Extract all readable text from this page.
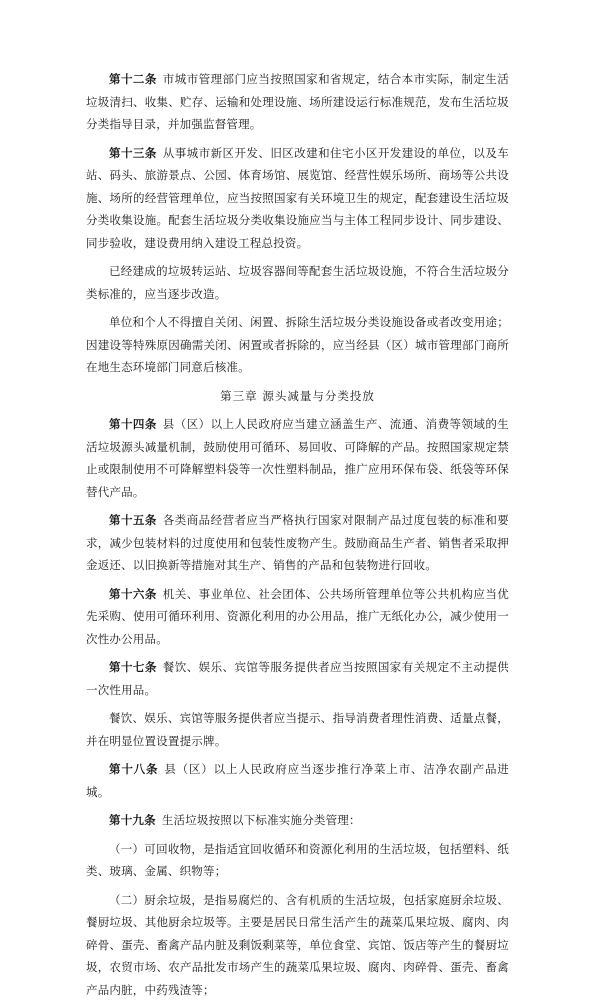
第十二条 市城市管理部门应当按照国家和省规定，结合本市实际，制定生活垃圾清扫、收集、贮存、运输和处理设施、场所建设运行标准规范，发布生活垃圾分类指导目录，并加强监督管理。

第十三条 从事城市新区开发、旧区改建和住宅小区开发建设的单位，以及车站、码头、旅游景点、公园、体育场馆、展览馆、经营性娱乐场所、商场等公共设施、场所的经营管理单位，应当按照国家有关环境卫生的规定，配套建设生活垃圾分类收集设施。配套生活垃圾分类收集设施应当与主体工程同步设计、同步建设、同步验收，建设费用纳入建设工程总投资。

已经建成的垃圾转运站、垃圾容器间等配套生活垃圾设施，不符合生活垃圾分类标准的，应当逐步改造。

单位和个人不得擅自关闭、闲置、拆除生活垃圾分类设施设备或者改变用途；因建设等特殊原因确需关闭、闲置或者拆除的，应当经县（区）城市管理部门商所在地生态环境部门同意后核准。

第三章 源头减量与分类投放

第十四条 县（区）以上人民政府应当建立涵盖生产、流通、消费等领域的生活垃圾源头减量机制，鼓励使用可循环、易回收、可降解的产品。按照国家规定禁止或限制使用不可降解塑料袋等一次性塑料制品，推广应用环保布袋、纸袋等环保替代产品。

第十五条 各类商品经营者应当严格执行国家对限制产品过度包装的标准和要求，减少包装材料的过度使用和包装性废物产生。鼓励商品生产者、销售者采取押金返还、以旧换新等措施对其生产、销售的产品和包装物进行回收。

第十六条 机关、事业单位、社会团体、公共场所管理单位等公共机构应当优先采购、使用可循环利用、资源化利用的办公用品，推广无纸化办公，减少使用一次性办公用品。

第十七条 餐饮、娱乐、宾馆等服务提供者应当按照国家有关规定不主动提供一次性用品。

餐饮、娱乐、宾馆等服务提供者应当提示、指导消费者理性消费、适量点餐，并在明显位置设置提示牌。

第十八条 县（区）以上人民政府应当逐步推行净菜上市、洁净农副产品进城。

第十九条 生活垃圾按照以下标准实施分类管理：

（一）可回收物，是指适宜回收循环和资源化利用的生活垃圾，包括塑料、纸类、玻璃、金属、织物等；

（二）厨余垃圾，是指易腐烂的、含有机质的生活垃圾，包括家庭厨余垃圾、餐厨垃圾、其他厨余垃圾等。主要是居民日常生活产生的蔬菜瓜果垃圾、腐肉、肉碎骨、蛋壳、畜禽产品内脏及剩饭剩菜等，单位食堂、宾馆、饭店等产生的餐厨垃圾，农贸市场、农产品批发市场产生的蔬菜瓜果垃圾、腐肉、肉碎骨、蛋壳、畜禽产品内脏，中药残渣等；
